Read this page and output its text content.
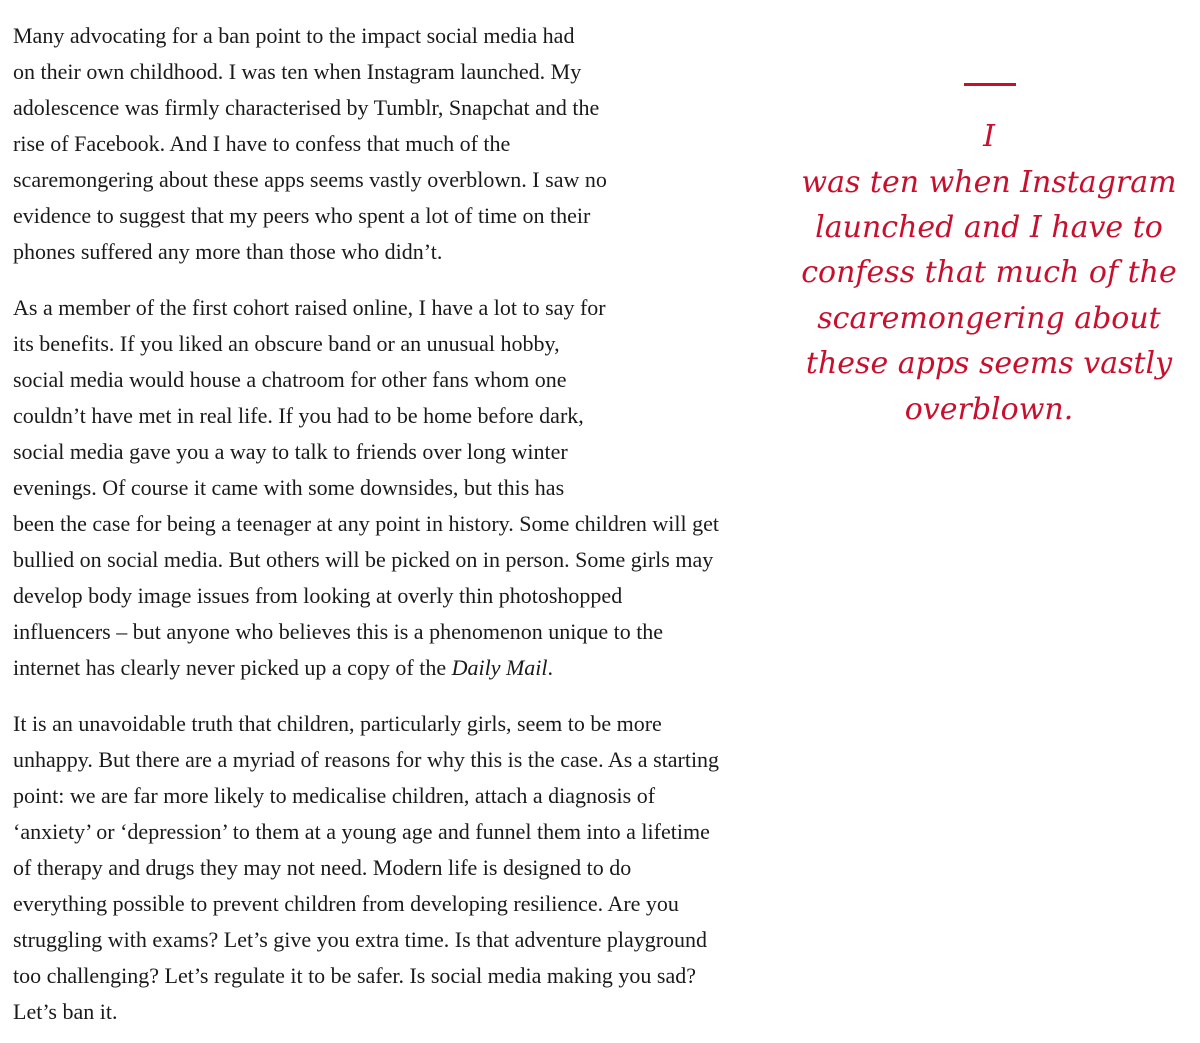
Many advocating for a ban point to the impact social media had
on their own childhood. I was ten when Instagram launched. My
adolescence was firmly characterised by Tumblr, Snapchat and the
rise of Facebook. And I have to confess that much of the
scaremongering about these apps seems vastly overblown. I saw no
evidence to suggest that my peers who spent a lot of time on their
phones suffered any more than those who didn’t.
As a member of the first cohort raised online, I have a lot to say for
its benefits. If you liked an obscure band or an unusual hobby,
social media would house a chatroom for other fans whom one
couldn’t have met in real life. If you had to be home before dark,
social media gave you a way to talk to friends over long winter
evenings. Of course it came with some downsides, but this has
been the case for being a teenager at any point in history. Some children will get
bullied on social media. But others will be picked on in person. Some girls may
develop body image issues from looking at overly thin photoshopped
influencers – but anyone who believes this is a phenomenon unique to the
internet has clearly never picked up a copy of the Daily Mail.
It is an unavoidable truth that children, particularly girls, seem to be more
unhappy. But there are a myriad of reasons for why this is the case. As a starting
point: we are far more likely to medicalise children, attach a diagnosis of
‘anxiety’ or ‘depression’ to them at a young age and funnel them into a lifetime
of therapy and drugs they may not need. Modern life is designed to do
everything possible to prevent children from developing resilience. Are you
struggling with exams? Let’s give you extra time. Is that adventure playground
too challenging? Let’s regulate it to be safer. Is social media making you sad?
Let’s ban it.
I
was ten when Instagram
launched and I have to
confess that much of the
scaremongering about
these apps seems vastly
overblown.
